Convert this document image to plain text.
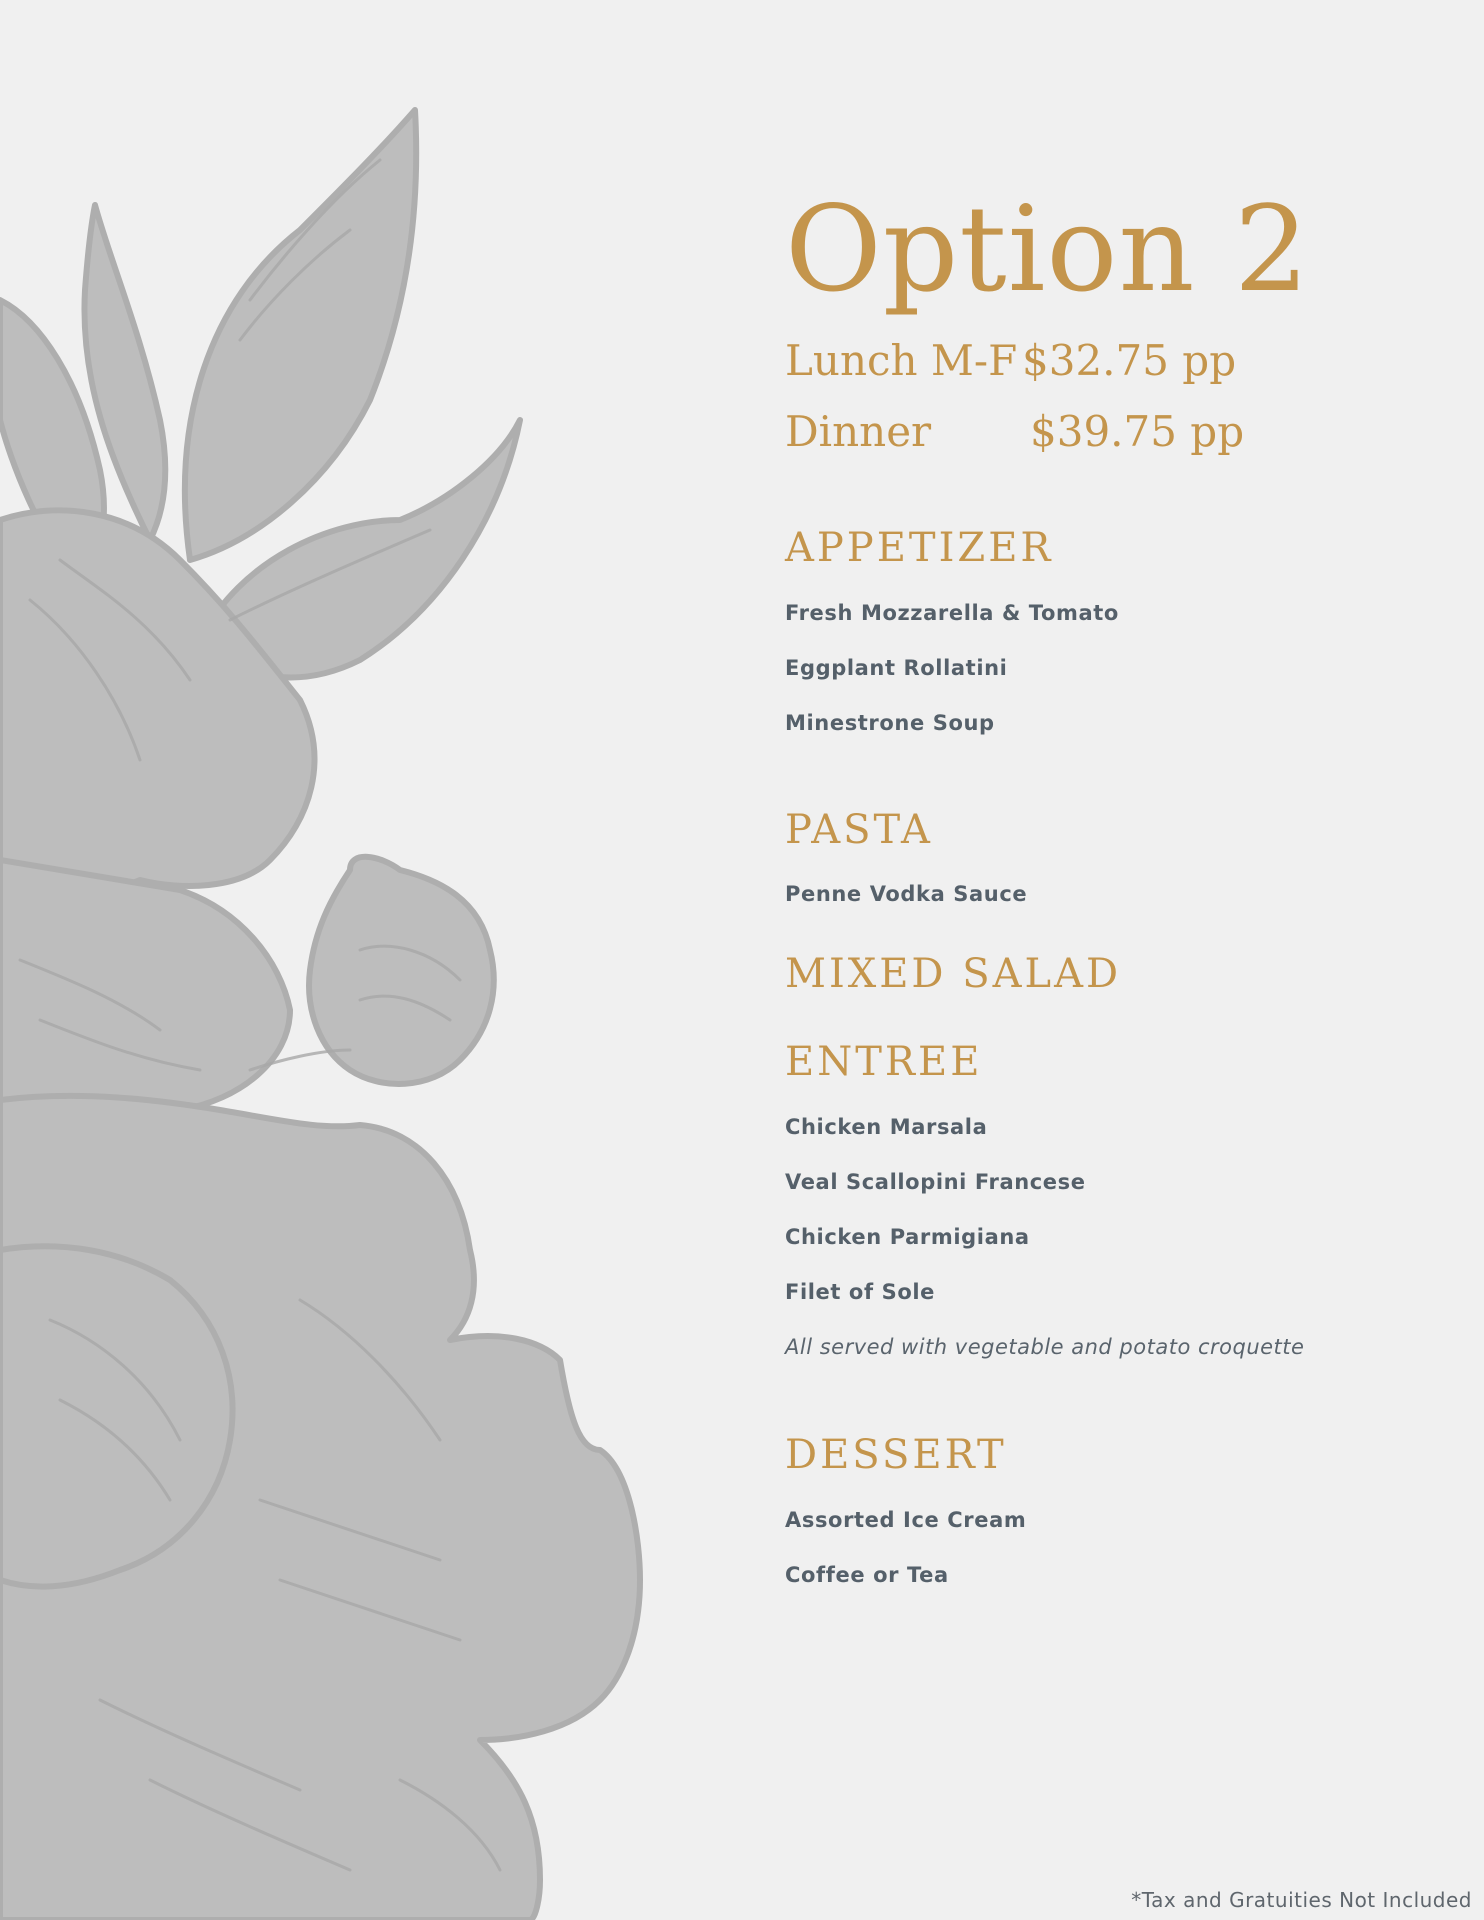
Option 2
Lunch M-F $32.75 pp
Dinner $39.75 pp
APPETIZER
Fresh Mozzarella & Tomato
Eggplant Rollatini
Minestrone Soup
PASTA
Penne Vodka Sauce
MIXED SALAD
ENTREE
Chicken Marsala
Veal Scallopini Francese
Chicken Parmigiana
Filet of Sole
All served with vegetable and potato croquette
DESSERT
Assorted Ice Cream
Coffee or Tea
*Tax and Gratuities Not Included
